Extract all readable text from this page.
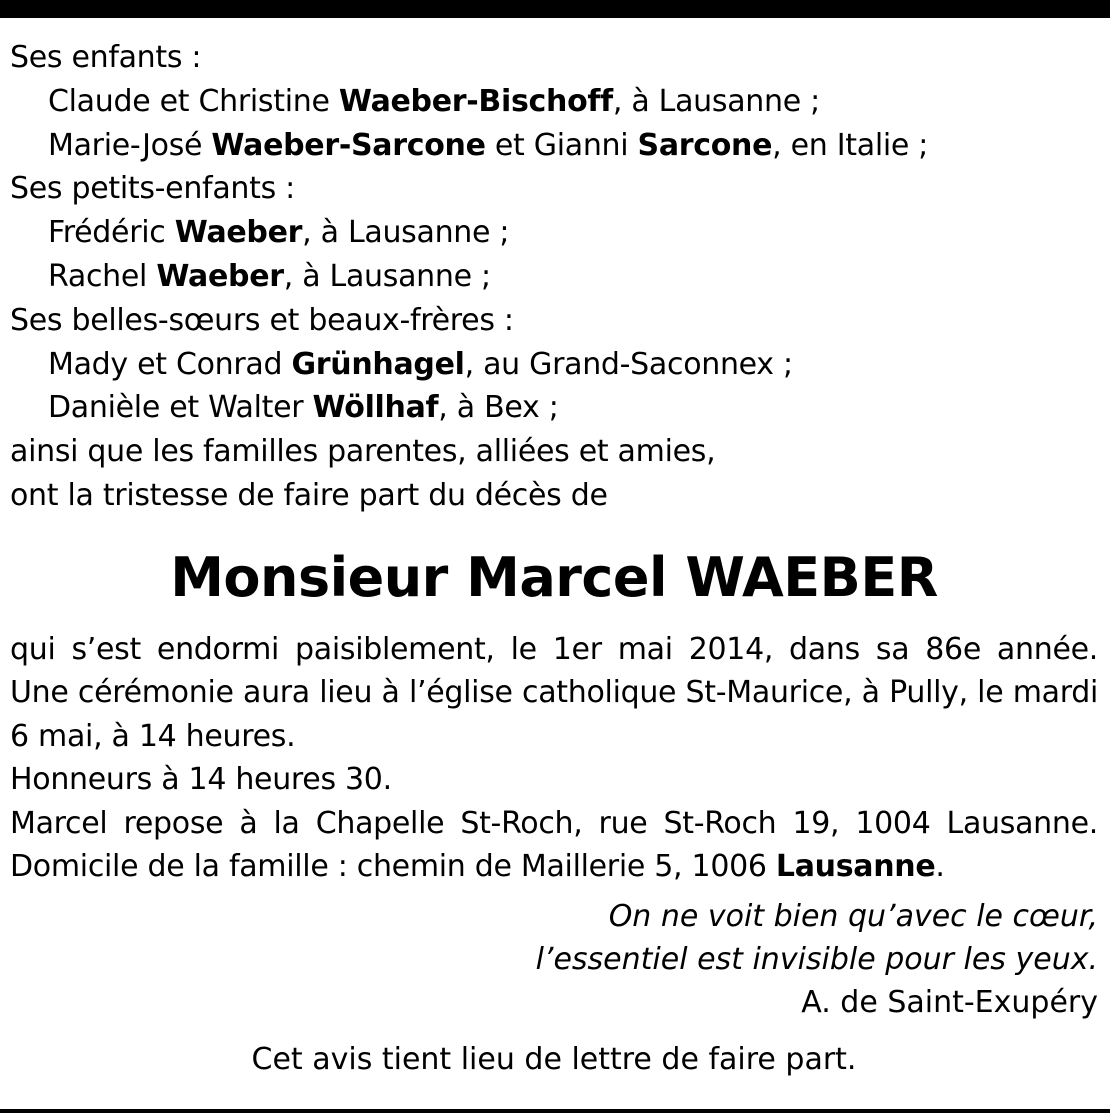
Ses enfants :
Claude et Christine Waeber-Bischoff, à Lausanne ;
Marie-José Waeber-Sarcone et Gianni Sarcone, en Italie ;
Ses petits-enfants :
Frédéric Waeber, à Lausanne ;
Rachel Waeber, à Lausanne ;
Ses belles-sœurs et beaux-frères :
Mady et Conrad Grünhagel, au Grand-Saconnex ;
Danièle et Walter Wöllhaf, à Bex ;
ainsi que les familles parentes, alliées et amies,
ont la tristesse de faire part du décès de
Monsieur Marcel WAEBER
qui s’est endormi paisiblement, le 1er mai 2014, dans sa 86e année.
Une cérémonie aura lieu à l’église catholique St-Maurice, à Pully, le mardi
6 mai, à 14 heures.
Honneurs à 14 heures 30.
Marcel repose à la Chapelle St-Roch, rue St-Roch 19, 1004 Lausanne.
Domicile de la famille : chemin de Maillerie 5, 1006 Lausanne.
On ne voit bien qu’avec le cœur,
l’essentiel est invisible pour les yeux.
A. de Saint-Exupéry
Cet avis tient lieu de lettre de faire part.
